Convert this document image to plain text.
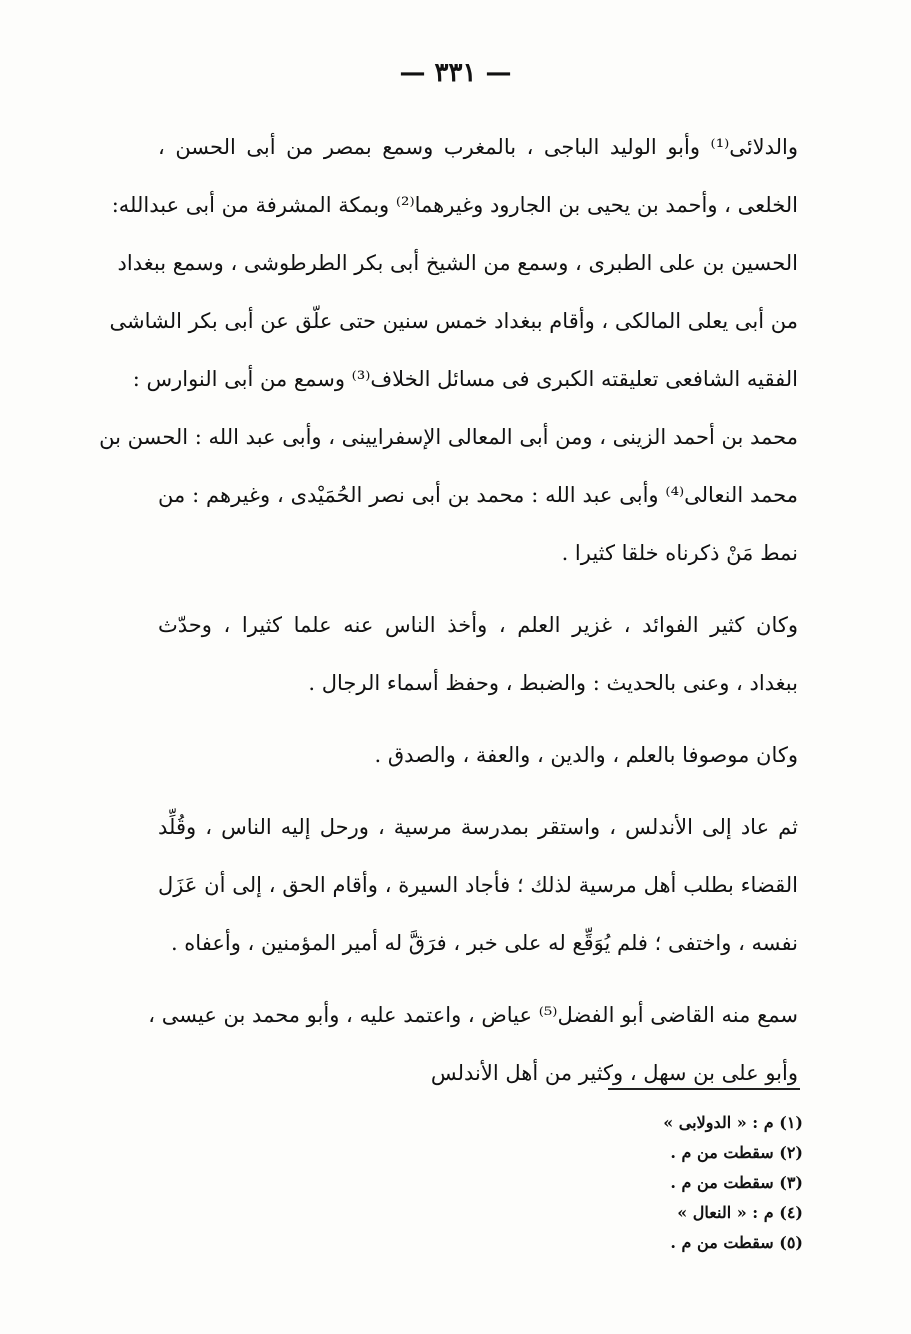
— ٣٣١ —

والدلائى⁽¹⁾ وأبو الوليد الباجى ، بالمغرب وسمع بمصر من أبى الحسن ،
الخلعى ، وأحمد بن يحيى بن الجارود وغيرهما⁽²⁾ وبمكة المشرفة من أبى عبدالله:
الحسين بن على الطبرى ، وسمع من الشيخ أبى بكر الطرطوشى ، وسمع ببغداد
من أبى يعلى المالكى ، وأقام ببغداد خمس سنين حتى علّق عن أبى بكر الشاشى
الفقيه الشافعى تعليقته الكبرى فى مسائل الخلاف⁽³⁾ وسمع من أبى النوارس :
محمد بن أحمد الزينى ، ومن أبى المعالى الإسفرايينى ، وأبى عبد الله : الحسن بن
محمد النعالى⁽⁴⁾ وأبى عبد الله : محمد بن أبى نصر الحُمَيْدى ، وغيرهم : من
نمط مَنْ ذكرناه خلقا كثيرا .

وكان كثير الفوائد ، غزير العلم ، وأخذ الناس عنه علما كثيرا ، وحدّث
ببغداد ، وعنى بالحديث : والضبط ، وحفظ أسماء الرجال .

وكان موصوفا بالعلم ، والدين ، والعفة ، والصدق .

ثم عاد إلى الأندلس ، واستقر بمدرسة مرسية ، ورحل إليه الناس ، وقُلِّد
القضاء بطلب أهل مرسية لذلك ؛ فأجاد السيرة ، وأقام الحق ، إلى أن عَزَل
نفسه ، واختفى ؛ فلم يُوَقِّع له على خبر ، فرَقَّ له أمير المؤمنين ، وأعفاه .

سمع منه القاضى أبو الفضل⁽⁵⁾ عياض ، واعتمد عليه ، وأبو محمد بن عيسى ،
وأبو على بن سهل ، وكثير من أهل الأندلس

(١) م : « الدولابى »
(٢) سقطت من م .
(٣) سقطت من م .
(٤) م : « النعال »
(٥) سقطت من م .
